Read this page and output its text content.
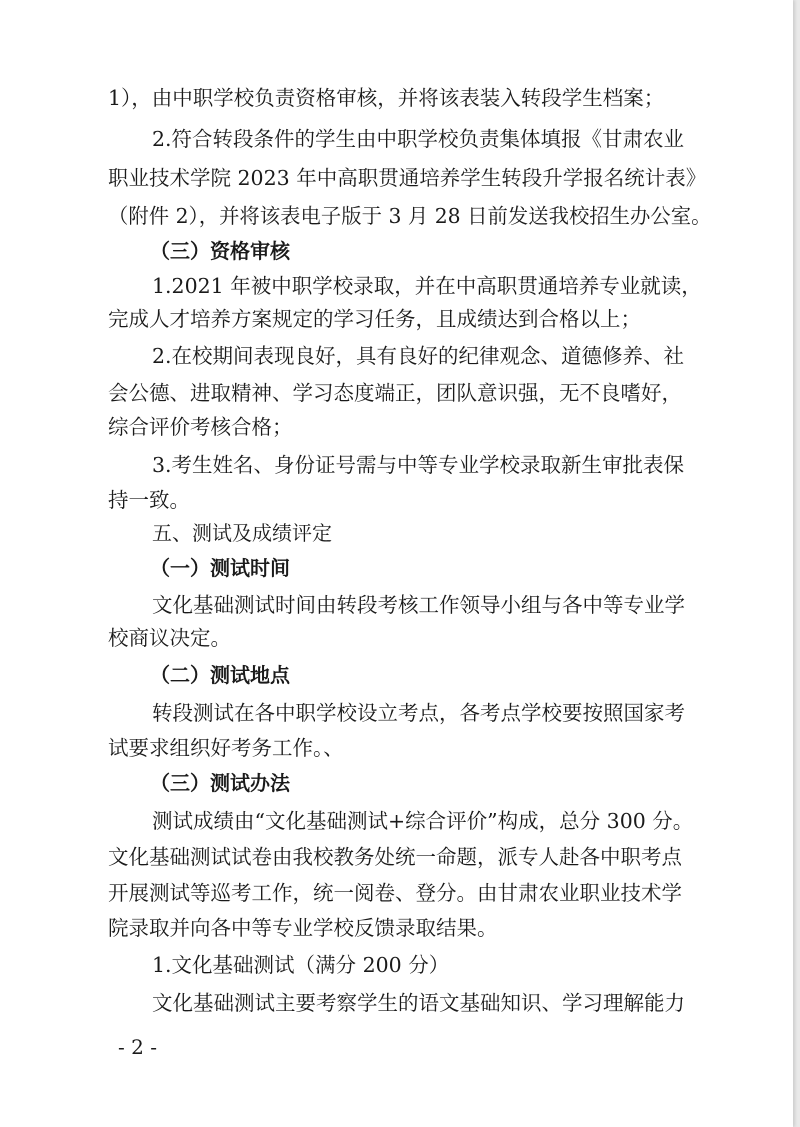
1），由中职学校负责资格审核，并将该表装入转段学生档案；
2.符合转段条件的学生由中职学校负责集体填报《甘肃农业
职业技术学院 2023 年中高职贯通培养学生转段升学报名统计表》
（附件 2），并将该表电子版于 3 月 28 日前发送我校招生办公室。
（三）资格审核
1.2021 年被中职学校录取，并在中高职贯通培养专业就读，
完成人才培养方案规定的学习任务，且成绩达到合格以上；
2.在校期间表现良好，具有良好的纪律观念、道德修养、社
会公德、进取精神、学习态度端正，团队意识强，无不良嗜好，
综合评价考核合格；
3.考生姓名、身份证号需与中等专业学校录取新生审批表保
持一致。
五、测试及成绩评定
（一）测试时间
文化基础测试时间由转段考核工作领导小组与各中等专业学
校商议决定。
（二）测试地点
转段测试在各中职学校设立考点，各考点学校要按照国家考
试要求组织好考务工作。、
（三）测试办法
测试成绩由“文化基础测试+综合评价”构成，总分 300 分。
文化基础测试试卷由我校教务处统一命题，派专人赴各中职考点
开展测试等巡考工作，统一阅卷、登分。由甘肃农业职业技术学
院录取并向各中等专业学校反馈录取结果。
1.文化基础测试（满分 200 分）
文化基础测试主要考察学生的语文基础知识、学习理解能力
- 2 -
